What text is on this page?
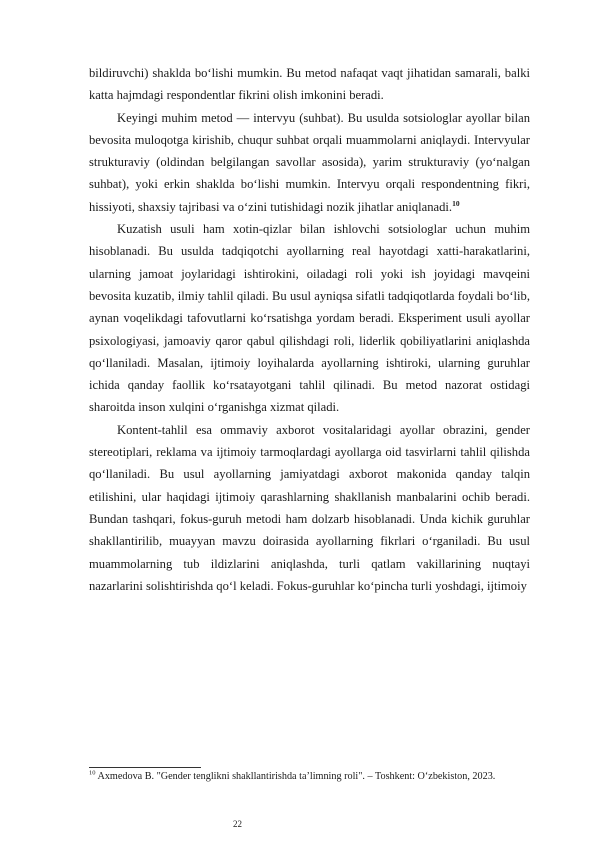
bildiruvchi) shaklda bo‘lishi mumkin. Bu metod nafaqat vaqt jihatidan samarali, balki katta hajmdagi respondentlar fikrini olish imkonini beradi.

Keyingi muhim metod — intervyu (suhbat). Bu usulda sotsiologlar ayollar bilan bevosita muloqotga kirishib, chuqur suhbat orqali muammolarni aniqlaydi. Intervyular strukturaviy (oldindan belgilangan savollar asosida), yarim strukturaviy (yo‘nalgan suhbat), yoki erkin shaklda bo‘lishi mumkin. Intervyu orqali respondentning fikri, hissiyoti, shaxsiy tajribasi va o‘zini tutishidagi nozik jihatlar aniqlanadi.$^{10}$

Kuzatish usuli ham xotin-qizlar bilan ishlovchi sotsiologlar uchun muhim hisoblanadi. Bu usulda tadqiqotchi ayollarning real hayotdagi xatti-harakatlarini, ularning jamoat joylaridagi ishtirokini, oiladagi roli yoki ish joyidagi mavqeini bevosita kuzatib, ilmiy tahlil qiladi. Bu usul ayniqsa sifatli tadqiqotlarda foydali bo‘lib, aynan voqelikdagi tafovutlarni ko‘rsatishga yordam beradi. Eksperiment usuli ayollar psixologiyasi, jamoaviy qaror qabul qilishdagi roli, liderlik qobiliyatlarini aniqlashda qo‘llaniladi. Masalan, ijtimoiy loyihalarda ayollarning ishtiroki, ularning guruhlar ichida qanday faollik ko‘rsatayotgani tahlil qilinadi. Bu metod nazorat ostidagi sharoitda inson xulqini o‘rganishga xizmat qiladi.

Kontent-tahlil esa ommaviy axborot vositalaridagi ayollar obrazini, gender stereotiplari, reklama va ijtimoiy tarmoqlardagi ayollarga oid tasvirlarni tahlil qilishda qo‘llaniladi. Bu usul ayollarning jamiyatdagi axborot makonida qanday talqin etilishini, ular haqidagi ijtimoiy qarashlarning shakllanish manbalarini ochib beradi. Bundan tashqari, fokus-guruh metodi ham dolzarb hisoblanadi. Unda kichik guruhlar shakllantirilib, muayyan mavzu doirasida ayollarning fikrlari o‘rganiladi. Bu usul muammolarning tub ildizlarini aniqlashda, turli qatlam vakillarining nuqtayi nazarlarini solishtirishda qo‘l keladi. Fokus-guruhlar ko‘pincha turli yoshdagi, ijtimoiy

$^{10}$ Axmedova B. "Gender tenglikni shakllantirishda ta’limning roli". – Toshkent: O‘zbekiston, 2023.
22
